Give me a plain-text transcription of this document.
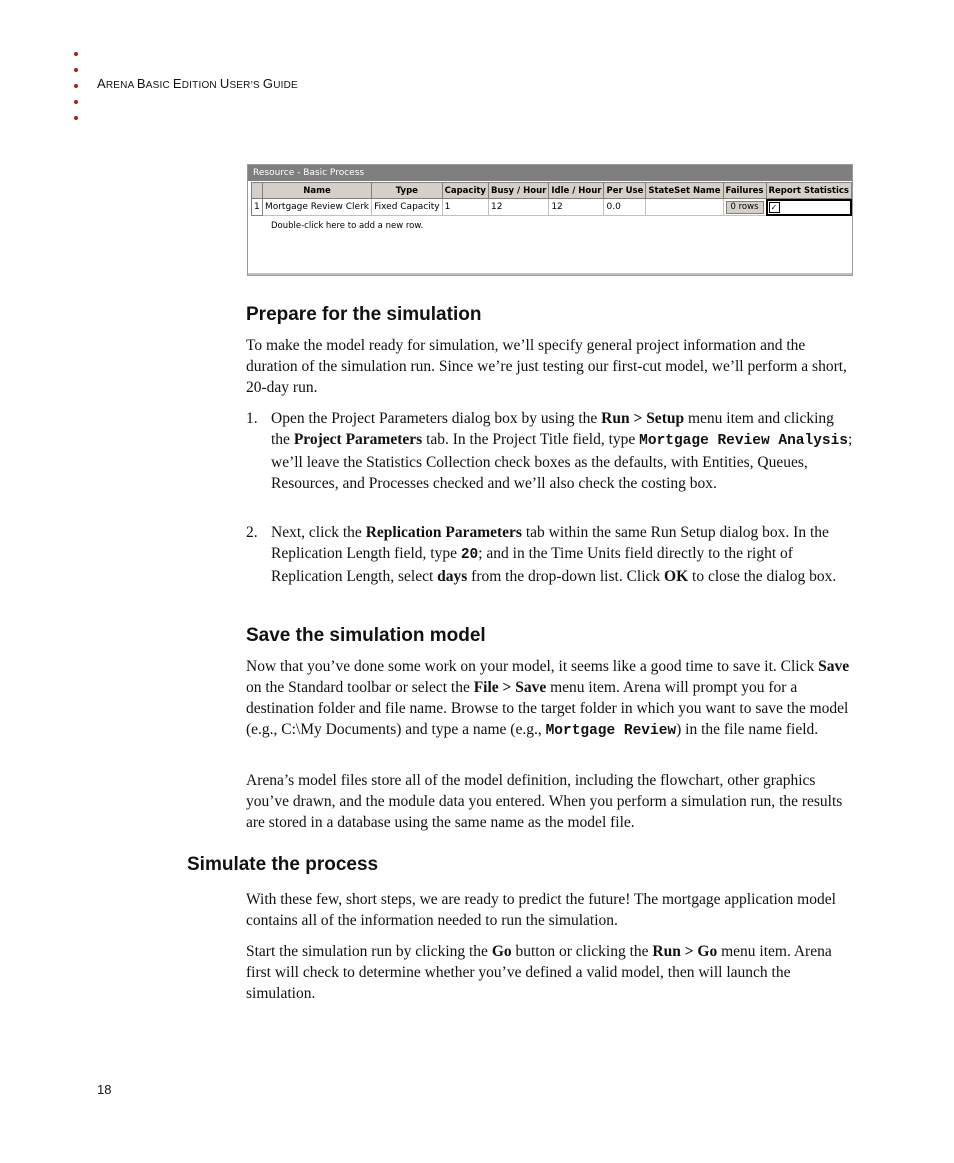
ARENA BASIC EDITION USER’S GUIDE
Resource - Basic Process
	Name	Type	Capacity	Busy / Hour	Idle / Hour	Per Use	StateSet Name	Failures	Report Statistics
1	Mortgage Review Clerk	Fixed Capacity	1	12	12	0.0		0 rows	✓
Double-click here to add a new row.
Prepare for the simulation

To make the model ready for simulation, we’ll specify general project information and the duration of the simulation run. Since we’re just testing our first-cut model, we’ll perform a short, 20-day run.

1. Open the Project Parameters dialog box by using the Run > Setup menu item and clicking the Project Parameters tab. In the Project Title field, type Mortgage Review Analysis; we’ll leave the Statistics Collection check boxes as the defaults, with Entities, Queues, Resources, and Processes checked and we’ll also check the costing box.
2. Next, click the Replication Parameters tab within the same Run Setup dialog box. In the Replication Length field, type 20; and in the Time Units field directly to the right of Replication Length, select days from the drop-down list. Click OK to close the dialog box.
Save the simulation model

Now that you’ve done some work on your model, it seems like a good time to save it. Click Save on the Standard toolbar or select the File > Save menu item. Arena will prompt you for a destination folder and file name. Browse to the target folder in which you want to save the model (e.g., C:\My Documents) and type a name (e.g., Mortgage Review) in the file name field.

Arena’s model files store all of the model definition, including the flowchart, other graphics you’ve drawn, and the module data you entered. When you perform a simulation run, the results are stored in a database using the same name as the model file.

Simulate the process

With these few, short steps, we are ready to predict the future! The mortgage application model contains all of the information needed to run the simulation.

Start the simulation run by clicking the Go button or clicking the Run > Go menu item. Arena first will check to determine whether you’ve defined a valid model, then will launch the simulation.

18
